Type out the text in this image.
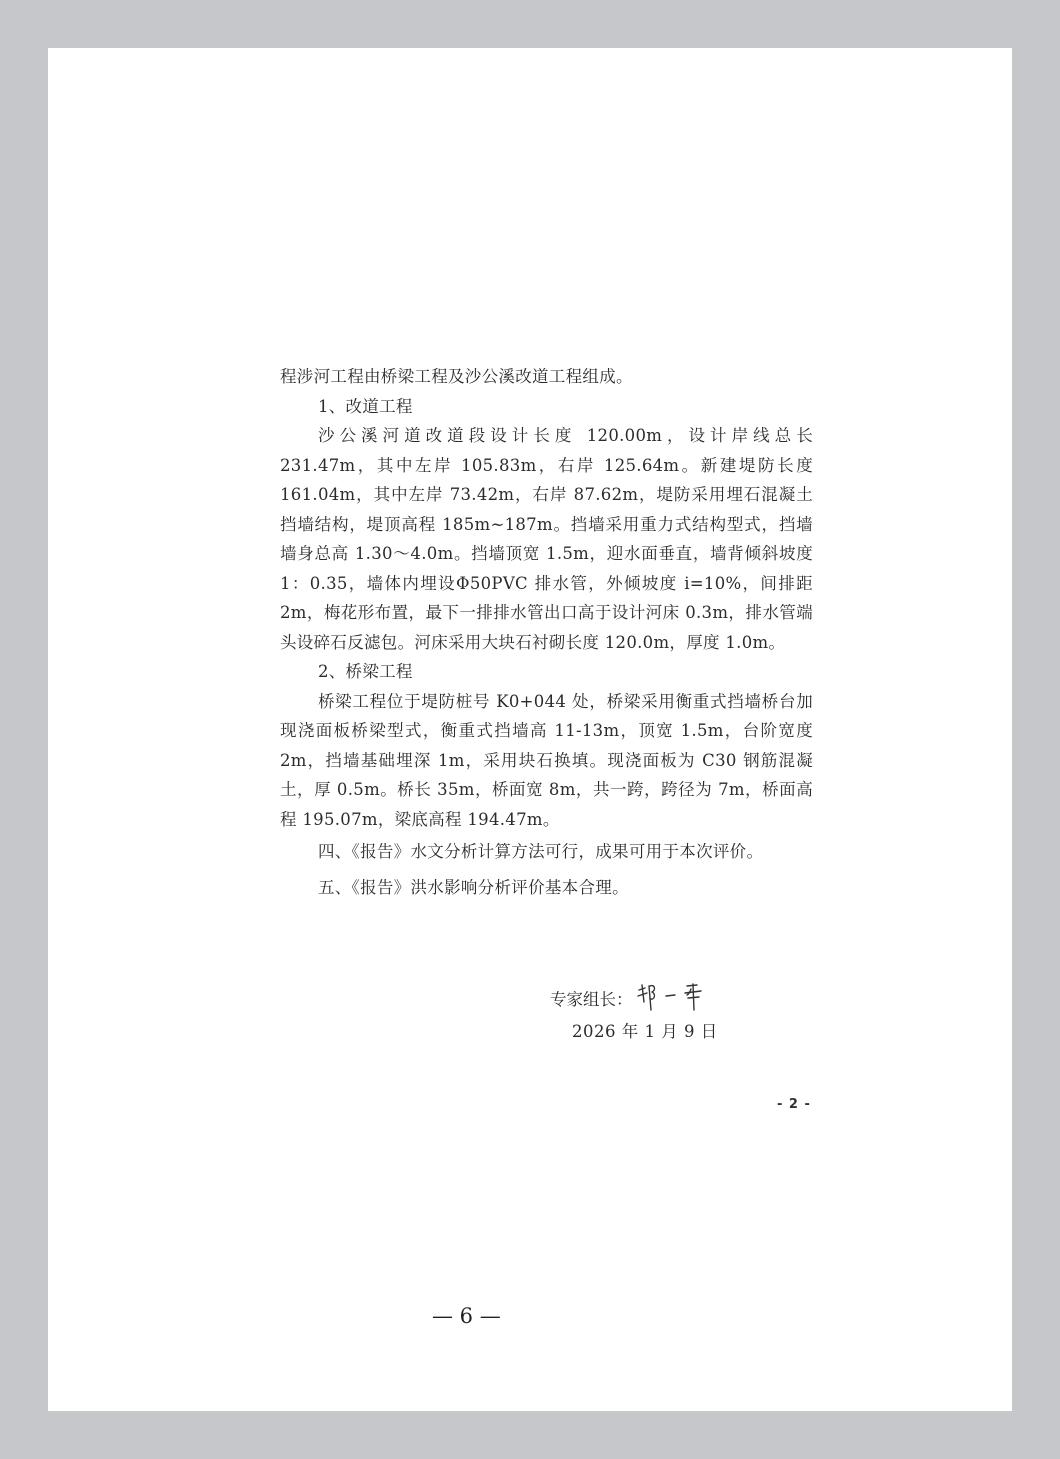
程涉河工程由桥梁工程及沙公溪改道工程组成。

1、改道工程

沙公溪河道改道段设计长度 120.00m，设计岸线总长 231.47m，其中左岸 105.83m，右岸 125.64m。新建堤防长度 161.04m，其中左岸 73.42m，右岸 87.62m，堤防采用埋石混凝土挡墙结构，堤顶高程 185m~187m。挡墙采用重力式结构型式，挡墙墙身总高 1.30～4.0m。挡墙顶宽 1.5m，迎水面垂直，墙背倾斜坡度 1：0.35，墙体内埋设Φ50PVC 排水管，外倾坡度 i=10%，间排距 2m，梅花形布置，最下一排排水管出口高于设计河床 0.3m，排水管端头设碎石反滤包。河床采用大块石衬砌长度 120.0m，厚度 1.0m。

2、桥梁工程

桥梁工程位于堤防桩号 K0+044 处，桥梁采用衡重式挡墙桥台加现浇面板桥梁型式，衡重式挡墙高 11-13m，顶宽 1.5m，台阶宽度 2m，挡墙基础埋深 1m，采用块石换填。现浇面板为 C30 钢筋混凝土，厚 0.5m。桥长 35m，桥面宽 8m，共一跨，跨径为 7m，桥面高程 195.07m，梁底高程 194.47m。

四、《报告》水文分析计算方法可行，成果可用于本次评价。

五、《报告》洪水影响分析评价基本合理。

专家组长：
2026 年 1 月 9 日
- 2 -
— 6 —
